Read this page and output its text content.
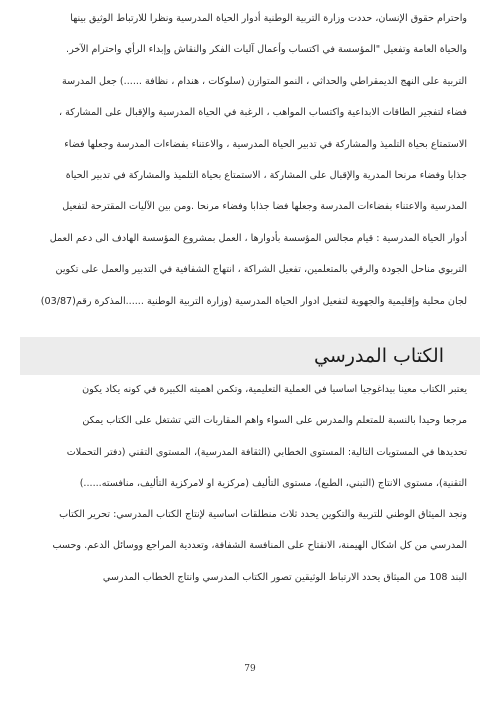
واحترام حقوق الإنسان، حددت وزارة التربية الوطنية أدوار الحياة المدرسية ونظرا للارتباط الوثيق بينها
والحياة العامة وتفعيل "المؤسسة في اكتساب وأعمال آليات الفكر والنقاش وإبداء الرأي واحترام الآخر.
التربية على النهج الديمقراطي والحداثي ، النمو المتوازن (سلوكات ، هندام ، نظافة ......) جعل المدرسة
فضاء لتفجير الطاقات الابداعية واكتساب المواهب ، الرغبة في الحياة المدرسية والإقبال على المشاركة ،
الاستمتاع بحياة التلميذ والمشاركة في تدبير الحياة المدرسية ، والاعتناء بفضاءات المدرسة وجعلها فضاء
جذابا وفضاء مرنحا المدرية والإقبال على المشاركة ، الاستمتاع بحياة التلميذ والمشاركة في تدبير الحياة
المدرسية والاعتناء بفضاءات المدرسة وجعلها فضا جذابا وفضاء مرنحا .ومن بين الآليات المقترحة لتفعيل
أدوار الحياة المدرسية : قيام مجالس المؤسسة بأدوارها ، العمل بمشروع المؤسسة الهادف الى دعم العمل
التربوي مناحل الجودة والرقي بالمتعلمين، تفعيل الشراكة ، انتهاج الشفافية في التدبير والعمل على تكوين
لجان محلية وإقليمية والجهوية لتفعيل ادوار الحياة المدرسية (وزارة التربية الوطنية ......المذكرة رقم(03/87)

الكتاب المدرسي

يعتبر الكتاب معينا بيداغوجيا اساسيا في العملية التعليمية، وتكمن اهميته الكبيرة في كونه يكاد يكون
مرجعا وحيدا بالنسبة للمتعلم والمدرس على السواء واهم المقاربات التي تشتغل على الكتاب يمكن
تحديدها في المستويات التالية: المستوى الخطابي (الثقافة المدرسية)، المستوى التقني (دفتر التحملات
التقنية)، مستوى الانتاج (التبني، الطبع)، مستوى التأليف (مركزية او لامركزية التأليف، منافسته......)

ونجد الميثاق الوطني للتربية والتكوين يحدد ثلاث منطلقات اساسية لإنتاج الكتاب المدرسي: تحرير الكتاب
المدرسي من كل اشكال الهيمنة، الانفتاح على المنافسة الشفافة، وتعددية المراجع ووسائل الدعم. وحسب
البند 108 من الميثاق يحدد الارتباط الوثيقين تصور الكتاب المدرسي وانتاج الخطاب المدرسي

79
